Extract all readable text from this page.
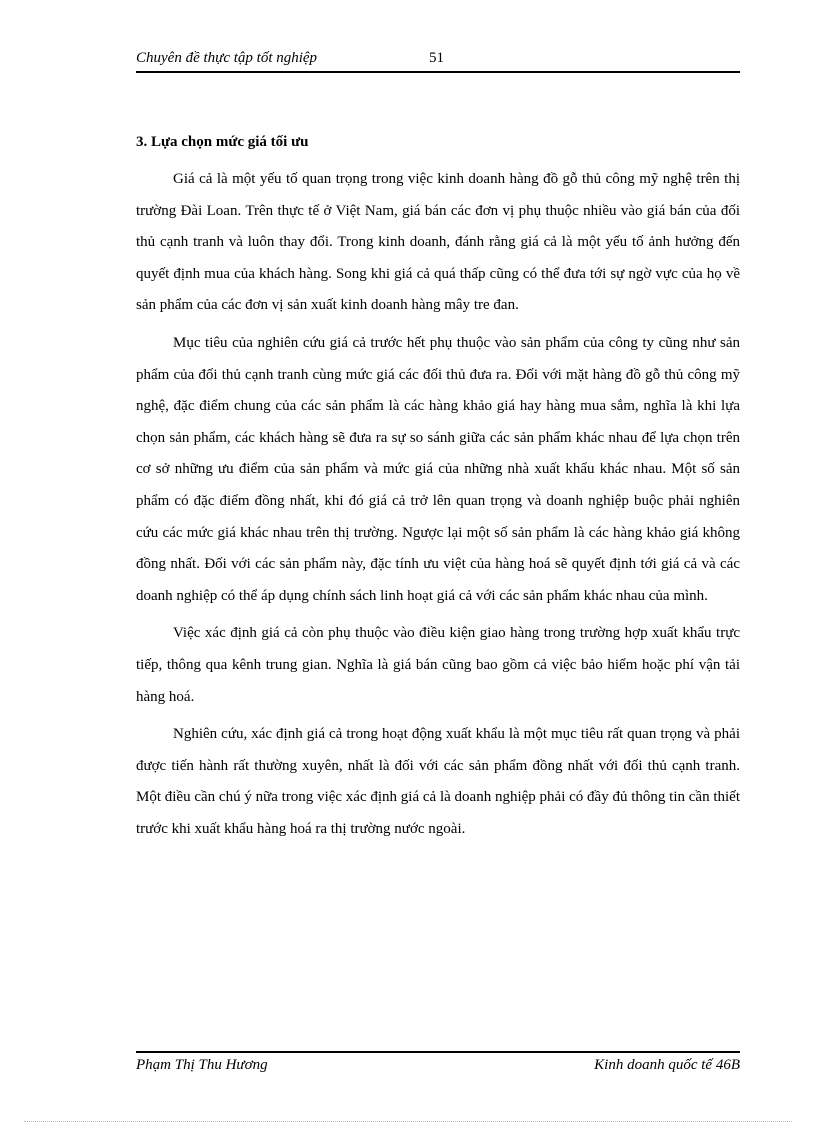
Chuyên đề thực tập tốt nghiệp	51
3. Lựa chọn mức giá tối ưu

Giá cả là một yếu tố quan trọng trong việc kinh doanh hàng đồ gỗ thủ công mỹ nghệ trên thị trường Đài Loan. Trên thực tế ở Việt Nam, giá bán các đơn vị phụ thuộc nhiều vào giá bán của đối thủ cạnh tranh và luôn thay đổi. Trong kinh doanh, đánh rằng giá cả là một yếu tố ảnh hưởng đến quyết định mua của khách hàng. Song khi giá cả quá thấp cũng có thể đưa tới sự ngờ vực của họ về sản phẩm của các đơn vị sản xuất kinh doanh hàng mây tre đan.

Mục tiêu của nghiên cứu giá cả trước hết phụ thuộc vào sản phẩm của công ty cũng như sản phẩm của đối thủ cạnh tranh cùng mức giá các đối thủ đưa ra. Đối với mặt hàng đồ gỗ thủ công mỹ nghệ, đặc điểm chung của các sản phẩm là các hàng khảo giá hay hàng mua sắm, nghĩa là khi lựa chọn sản phẩm, các khách hàng sẽ đưa ra sự so sánh giữa các sản phẩm khác nhau để lựa chọn trên cơ sở những ưu điểm của sản phẩm và mức giá của những nhà xuất khẩu khác nhau. Một số sản phẩm có đặc điểm đồng nhất, khi đó giá cả trở lên quan trọng và doanh nghiệp buộc phải nghiên cứu các mức giá khác nhau trên thị trường. Ngược lại một số sản phẩm là các hàng khảo giá không đồng nhất. Đối với các sản phẩm này, đặc tính ưu việt của hàng hoá sẽ quyết định tới giá cả và các doanh nghiệp có thể áp dụng chính sách linh hoạt giá cả với các sản phẩm khác nhau của mình.

Việc xác định giá cả còn phụ thuộc vào điều kiện giao hàng trong trường hợp xuất khẩu trực tiếp, thông qua kênh trung gian. Nghĩa là giá bán cũng bao gồm cả việc bảo hiểm hoặc phí vận tải hàng hoá.

Nghiên cứu, xác định giá cả trong hoạt động xuất khẩu là một mục tiêu rất quan trọng và phải được tiến hành rất thường xuyên, nhất là đối với các sản phẩm đồng nhất với đối thủ cạnh tranh. Một điều cần chú ý nữa trong việc xác định giá cả là doanh nghiệp phải có đầy đủ thông tin cần thiết trước khi xuất khẩu hàng hoá ra thị trường nước ngoài.

Phạm Thị Thu Hương	Kinh doanh quốc tế 46B
